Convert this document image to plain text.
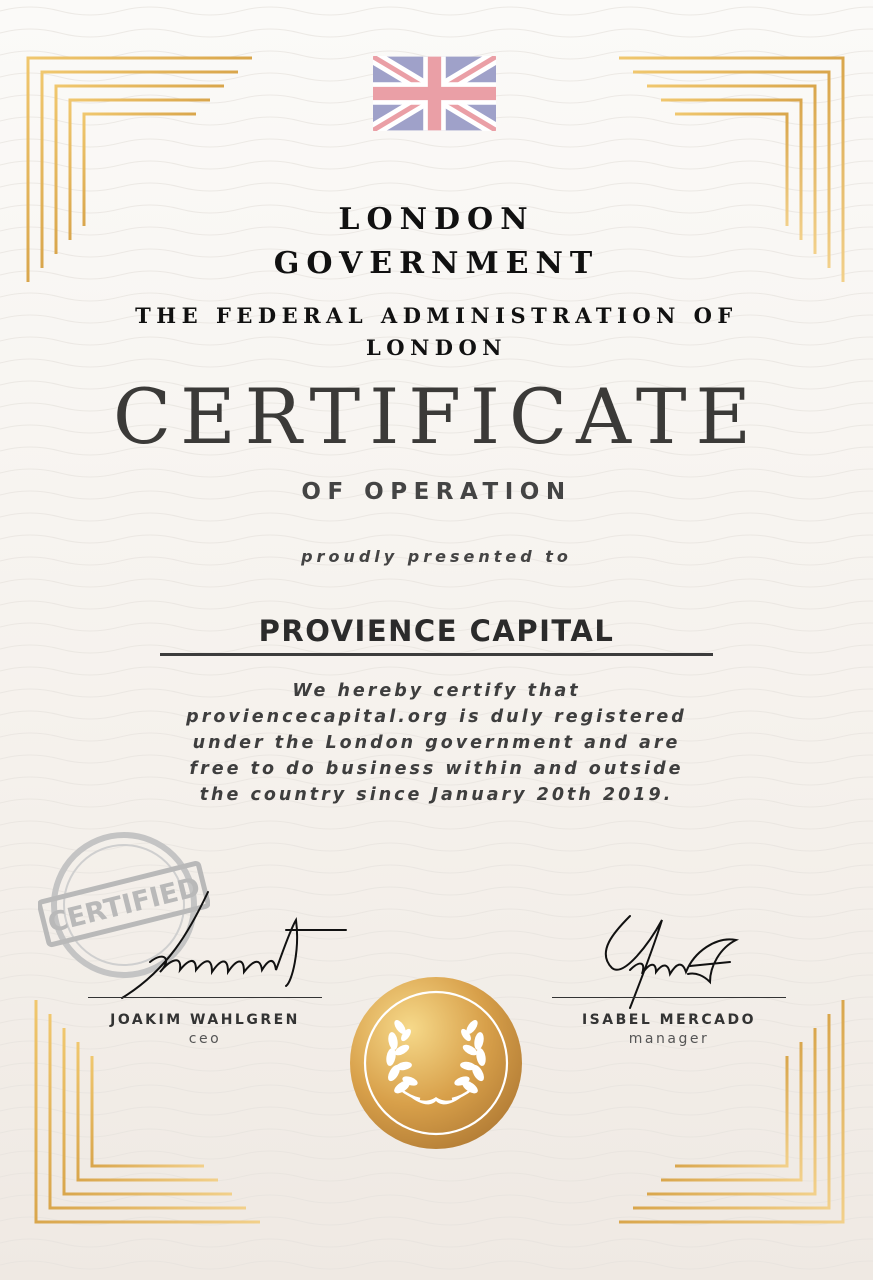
LONDON
GOVERNMENT
THE FEDERAL ADMINISTRATION OF
LONDON
CERTIFICATE
OF OPERATION
proudly presented to
PROVIENCE CAPITAL
We hereby certify that
proviencecapital.org is duly registered
under the London government and are
free to do business within and outside
the country since January 20th 2019.
CERTIFIED
JOAKIM WAHLGREN
ceo
ISABEL MERCADO
manager
